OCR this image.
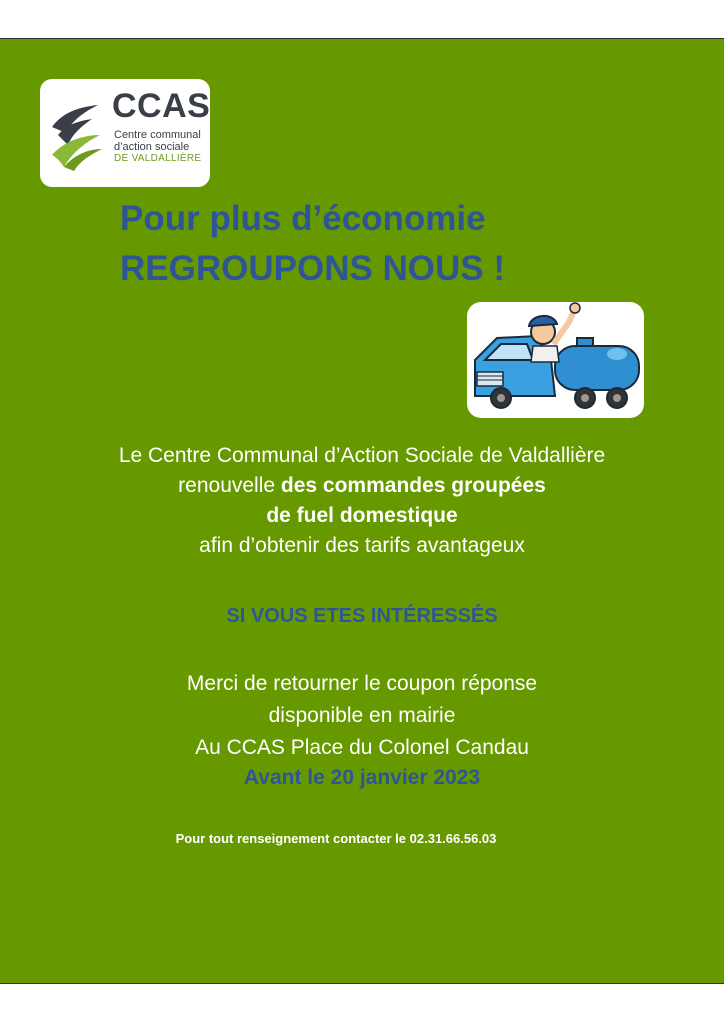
CCAS
Centre communal
d’action sociale
DE VALDALLIÈRE
Pour plus d’économie
REGROUPONS NOUS !
Le Centre Communal d’Action Sociale de Valdallière
renouvelle des commandes groupées
de fuel domestique
afin d’obtenir des tarifs avantageux
SI VOUS ETES INTÉRESSÉS
Merci de retourner le coupon réponse
disponible en mairie
Au CCAS Place du Colonel Candau
Avant le 20 janvier 2023
Pour tout renseignement contacter le 02.31.66.56.03
